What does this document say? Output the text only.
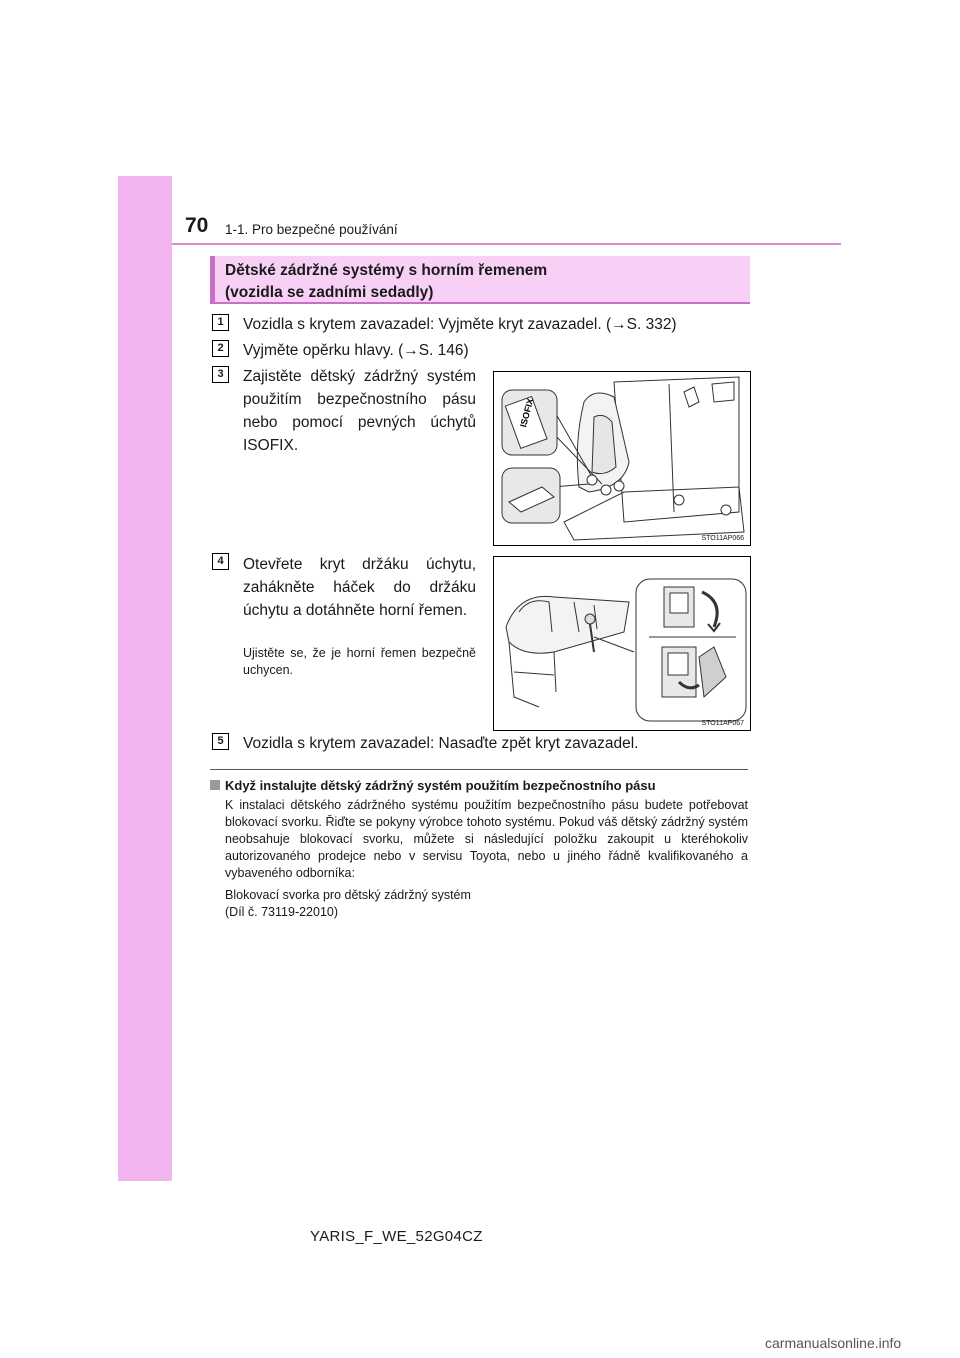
70 1-1. Pro bezpečné používání
Dětské zádržné systémy s horním řemenem
(vozidla se zadními sedadly)
1	Vozidla s krytem zavazadel: Vyjměte kryt zavazadel. (→S. 332)
2	Vyjměte opěrku hlavy. (→S. 146)
3	Zajistěte dětský zádržný systém použitím bezpečnostního pásu nebo pomocí pevných úchytů ISOFIX.
ISOFIX
STO11AP066
4	Otevřete kryt držáku úchytu, zahákněte háček do držáku úchytu a dotáhněte horní řemen.
Ujistěte se, že je horní řemen bezpečně uchycen.
STO11AP067
5	Vozidla s krytem zavazadel: Nasaďte zpět kryt zavazadel.
Když instalujte dětský zádržný systém použitím bezpečnostního pásu
K instalaci dětského zádržného systému použitím bezpečnostního pásu budete potřebovat blokovací svorku. Řiďte se pokyny výrobce tohoto systému. Pokud váš dětský zádržný systém neobsahuje blokovací svorku, můžete si následující položku zakoupit u kteréhokoliv autorizovaného prodejce nebo v servisu Toyota, nebo u jiného řádně kvalifikovaného a vybaveného odborníka:
Blokovací svorka pro dětský zádržný systém
(Díl č. 73119-22010)
YARIS_F_WE_52G04CZ
carmanualsonline.info
